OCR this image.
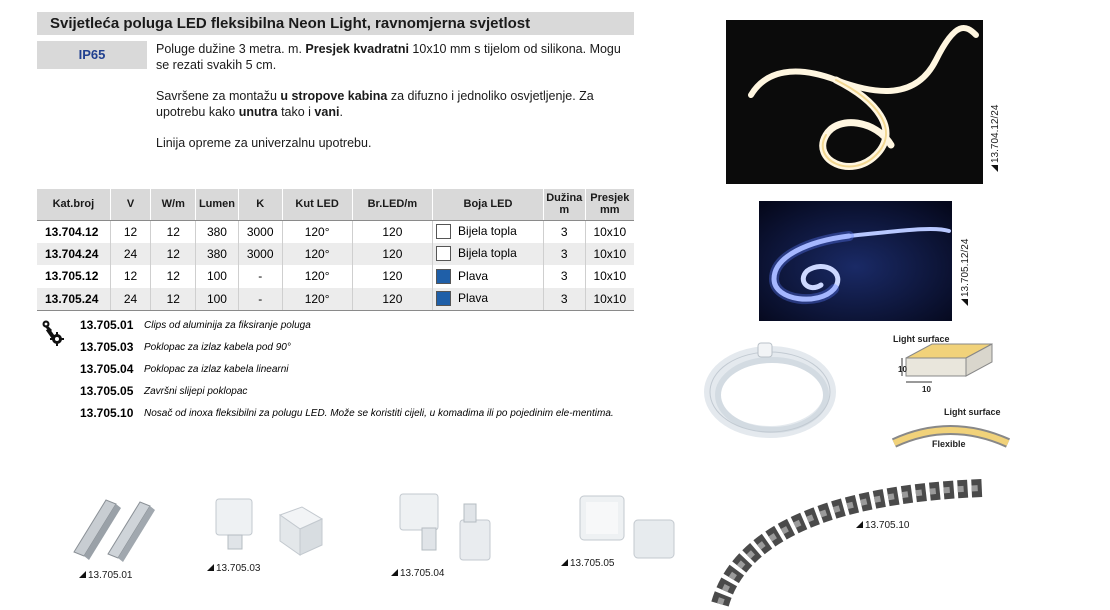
Svijetleća poluga LED fleksibilna Neon Light, ravnomjerna svjetlost
IP65	Poluge dužine 3 metra. m. Presjek kvadratni 10x10 mm s tijelom od silikona. Mogu se rezati svakih 5 cm.

Savršene za montažu u stropove kabina za difuzno i jednoliko osvjetljenje. Za upotrebu kako unutra tako i vani.

Linija opreme za univerzalnu upotrebu.

Kat.broj	V	W/m	Lumen	K	Kut LED	Br.LED/m	Boja LED	Dužina m	Presjek mm
13.704.12	12	12	380	3000	120°	120	Bijela topla	3	10x10
13.704.24	24	12	380	3000	120°	120	Bijela topla	3	10x10
13.705.12	12	12	100	-	120°	120	Plava	3	10x10
13.705.24	24	12	100	-	120°	120	Plava	3	10x10
13.705.01	Clips od aluminija za fiksiranje poluga
13.705.03	Poklopac za izlaz kabela pod 90°
13.705.04	Poklopac za izlaz kabela linearni
13.705.05	Završni slijepi poklopac
13.705.10	Nosač od inoxa fleksibilni za polugu LED. Može se koristiti cijeli, u komadima ili po pojedinim ele-mentima.
13.704.12/24
13.705.12/24
Light surface
10
10
Light surface
Flexible
13.705.01
13.705.03	13.705.04
13.705.05
13.705.10
